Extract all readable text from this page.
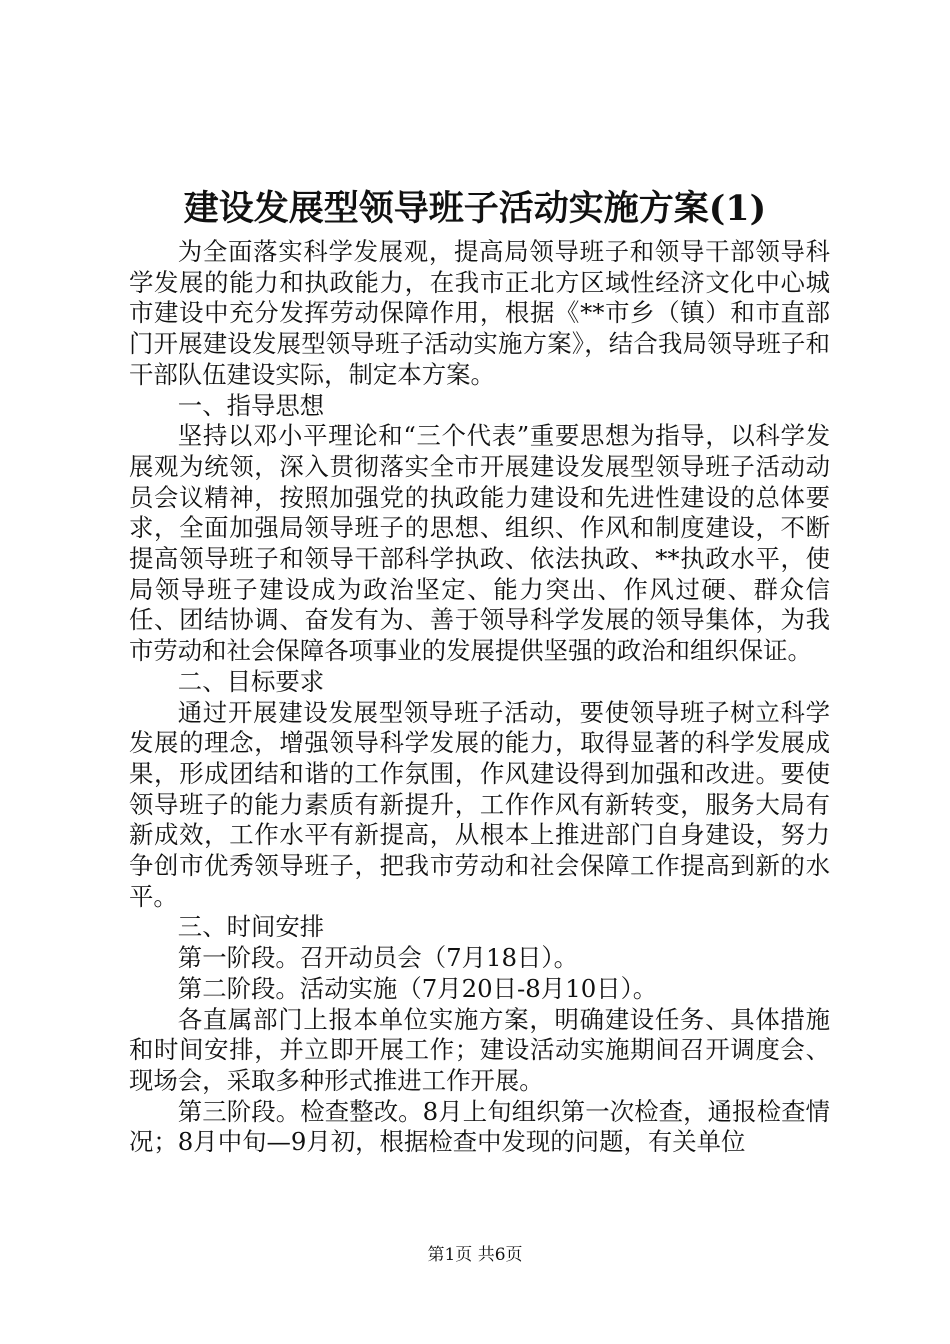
建设发展型领导班子活动实施方案(1)

为全面落实科学发展观，提高局领导班子和领导干部领导科学发展的能力和执政能力，在我市正北方区域性经济文化中心城市建设中充分发挥劳动保障作用，根据《**市乡（镇）和市直部门开展建设发展型领导班子活动实施方案》，结合我局领导班子和干部队伍建设实际，制定本方案。

一、指导思想

坚持以邓小平理论和“三个代表”重要思想为指导，以科学发展观为统领，深入贯彻落实全市开展建设发展型领导班子活动动员会议精神，按照加强党的执政能力建设和先进性建设的总体要求，全面加强局领导班子的思想、组织、作风和制度建设，不断提高领导班子和领导干部科学执政、依法执政、**执政水平，使局领导班子建设成为政治坚定、能力突出、作风过硬、群众信任、团结协调、奋发有为、善于领导科学发展的领导集体，为我市劳动和社会保障各项事业的发展提供坚强的政治和组织保证。

二、目标要求

通过开展建设发展型领导班子活动，要使领导班子树立科学发展的理念，增强领导科学发展的能力，取得显著的科学发展成果，形成团结和谐的工作氛围，作风建设得到加强和改进。要使领导班子的能力素质有新提升，工作作风有新转变，服务大局有新成效，工作水平有新提高，从根本上推进部门自身建设，努力争创市优秀领导班子，把我市劳动和社会保障工作提高到新的水平。

三、时间安排

第一阶段。召开动员会（7月18日）。

第二阶段。活动实施（7月20日-8月10日）。

各直属部门上报本单位实施方案，明确建设任务、具体措施和时间安排，并立即开展工作；建设活动实施期间召开调度会、现场会，采取多种形式推进工作开展。

第三阶段。检查整改。8月上旬组织第一次检查，通报检查情况；8月中旬—9月初，根据检查中发现的问题，有关单位

第1页 共6页
